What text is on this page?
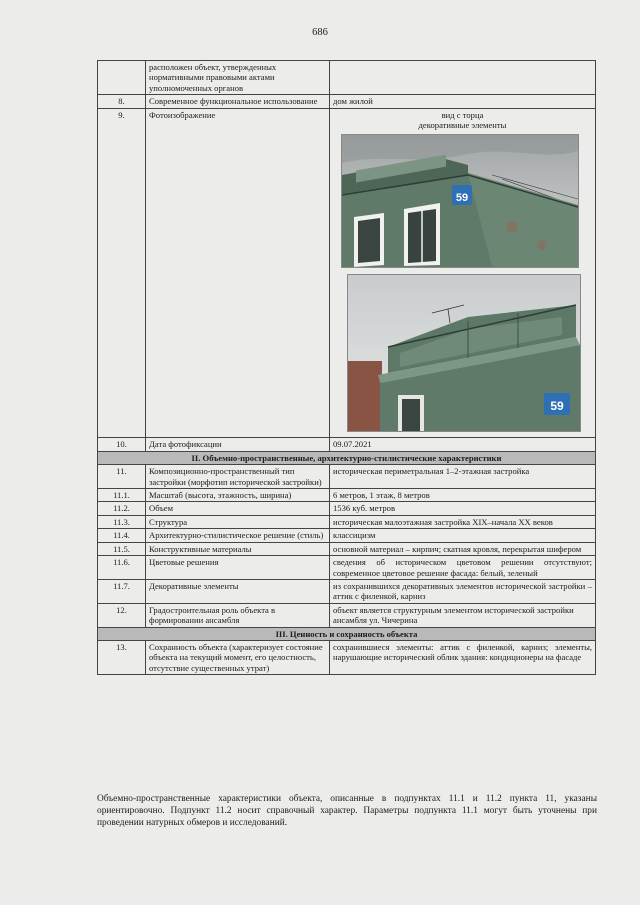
686
	расположен объект, утвержденных нормативными правовыми актами уполномоченных органов	
8.	Современное функциональное использование	дом жилой
9.	Фотоизображение	вид с торца
декоративные элементы
59
59

10.	Дата фотофиксации	09.07.2021
II. Объемно-пространственные, архитектурно-стилистические характеристики		
11.	Композиционно-пространственный тип застройки (морфотип исторической застройки)	историческая периметральная 1–2-этажная застройка
11.1.	Масштаб (высота, этажность, ширина)	6 метров, 1 этаж, 8 метров
11.2.	Объем	1536 куб. метров
11.3.	Структура	историческая малоэтажная застройка XIX–начала XX веков
11.4.	Архитектурно-стилистическое решение (стиль)	классицизм
11.5.	Конструктивные материалы	основной материал – кирпич; скатная кровля, перекрытая шифером
11.6.	Цветовые решения	сведения об историческом цветовом решении отсутствуют; современное цветовое решение фасада: белый, зеленый
11.7.	Декоративные элементы	из сохранившихся декоративных элементов исторической застройки – аттик с филенкой, карниз
12.	Градостроительная роль объекта в формировании ансамбля	объект является структурным элементом исторической застройки ансамбля ул. Чичерина
III. Ценность и сохранность объекта		
13.	Сохранность объекта (характеризует состояние объекта на текущий момент, его целостность, отсутствие существенных утрат)	сохранившиеся элементы: аттик с филенкой, карниз; элементы, нарушающие исторический облик здания: кондиционеры на фасаде
Объемно-пространственные характеристики объекта, описанные в подпунктах 11.1 и 11.2 пункта 11, указаны ориентировочно. Подпункт 11.2 носит справочный характер. Параметры подпункта 11.1 могут быть уточнены при проведении натурных обмеров и исследований.
